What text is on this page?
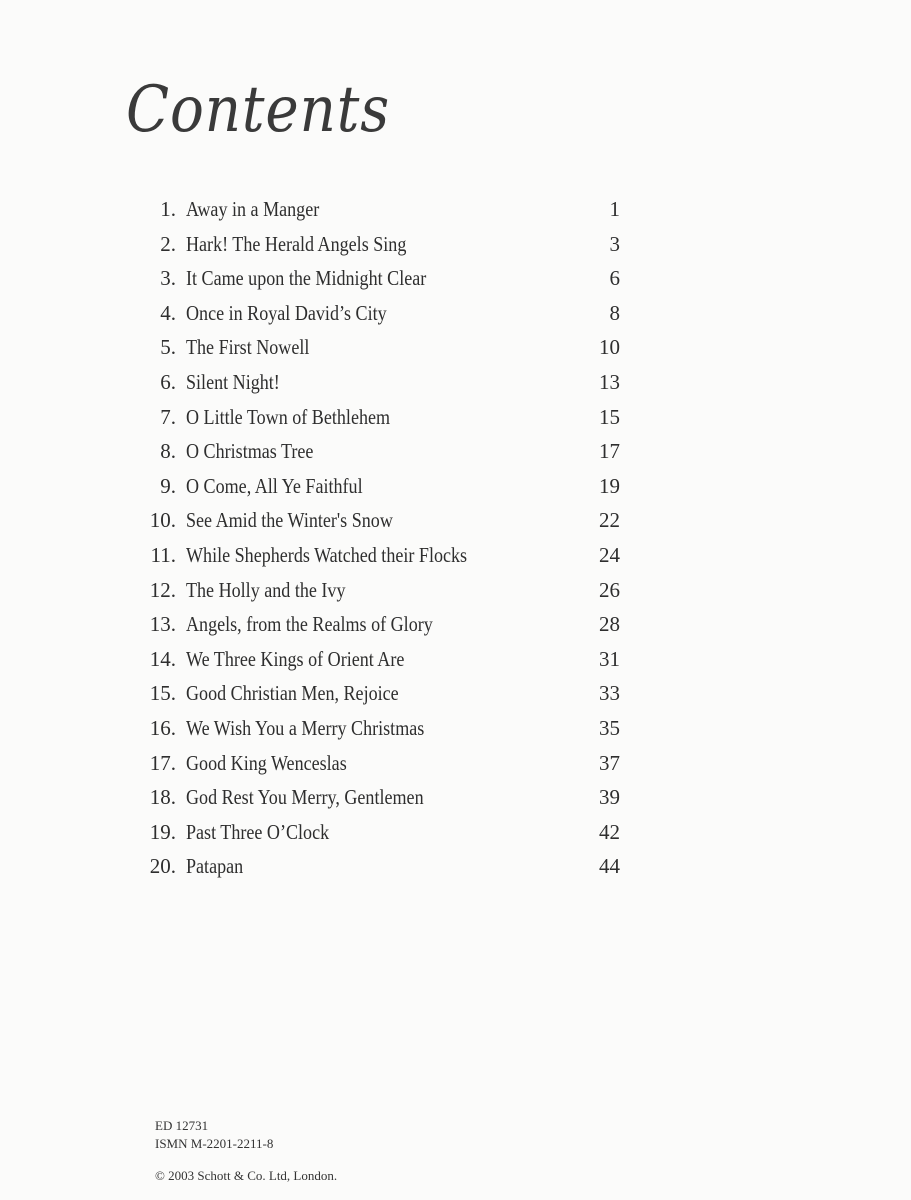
Contents
1. Away in a Manger	1
2. Hark! The Herald Angels Sing	3
3. It Came upon the Midnight Clear	6
4. Once in Royal David’s City	8
5. The First Nowell	10
6. Silent Night!	13
7. O Little Town of Bethlehem	15
8. O Christmas Tree	17
9. O Come, All Ye Faithful	19
10. See Amid the Winter's Snow	22
11. While Shepherds Watched their Flocks	24
12. The Holly and the Ivy	26
13. Angels, from the Realms of Glory	28
14. We Three Kings of Orient Are	31
15. Good Christian Men, Rejoice	33
16. We Wish You a Merry Christmas	35
17. Good King Wenceslas	37
18. God Rest You Merry, Gentlemen	39
19. Past Three O’Clock	42
20. Patapan	44
ED 12731
ISMN M-2201-2211-8
© 2003 Schott & Co. Ltd, London.
